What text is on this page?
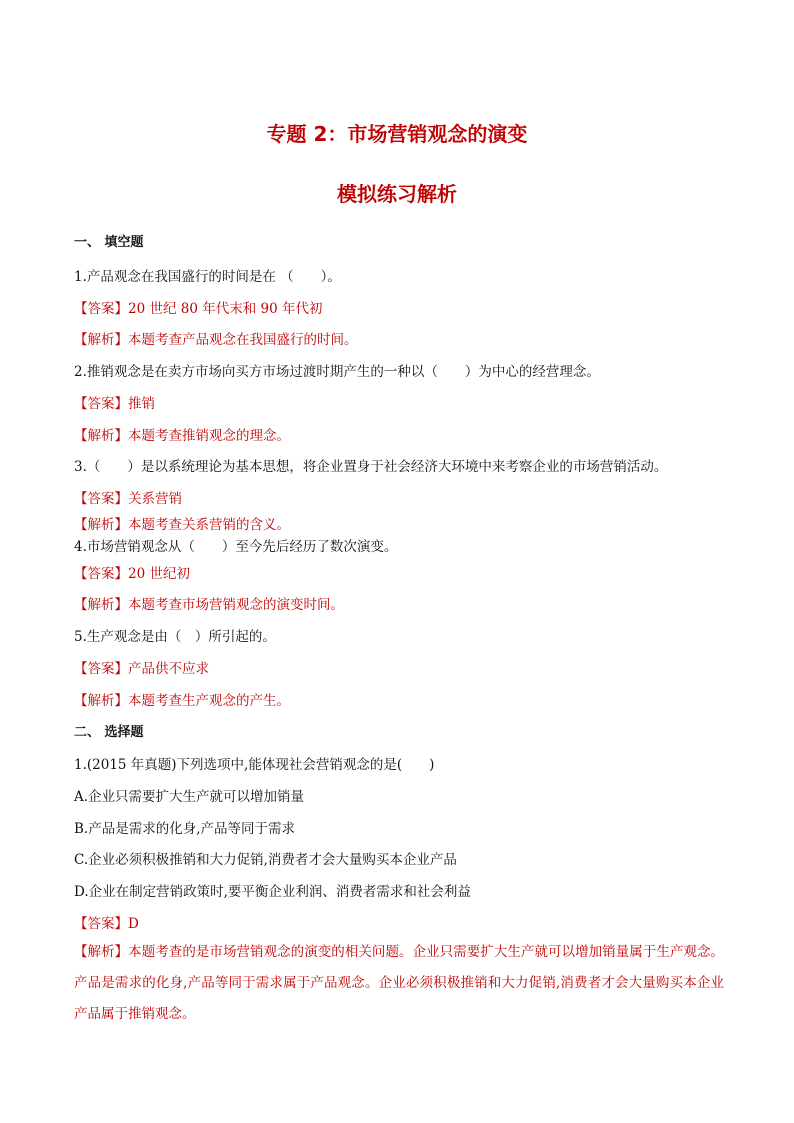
专题 2：市场营销观念的演变
模拟练习解析
一、 填空题
1.产品观念在我国盛行的时间是在 （　　）。
【答案】20 世纪 80 年代末和 90 年代初
【解析】本题考查产品观念在我国盛行的时间。
2.推销观念是在卖方市场向买方市场过渡时期产生的一种以（　　）为中心的经营理念。
【答案】推销
【解析】本题考查推销观念的理念。
3.（　　）是以系统理论为基本思想，将企业置身于社会经济大环境中来考察企业的市场营销活动。
【答案】关系营销
【解析】本题考查关系营销的含义。
4.市场营销观念从（　　）至今先后经历了数次演变。
【答案】20 世纪初
【解析】本题考查市场营销观念的演变时间。
5.生产观念是由（　）所引起的。
【答案】产品供不应求
【解析】本题考查生产观念的产生。
二、 选择题
1.(2015 年真题)下列选项中,能体现社会营销观念的是(　　)
A.企业只需要扩大生产就可以增加销量
B.产品是需求的化身,产品等同于需求
C.企业必须积极推销和大力促销,消费者才会大量购买本企业产品
D.企业在制定营销政策时,要平衡企业利润、消费者需求和社会利益
【答案】D
【解析】本题考查的是市场营销观念的演变的相关问题。企业只需要扩大生产就可以增加销量属于生产观念。产品是需求的化身,产品等同于需求属于产品观念。企业必须积极推销和大力促销,消费者才会大量购买本企业产品属于推销观念。
